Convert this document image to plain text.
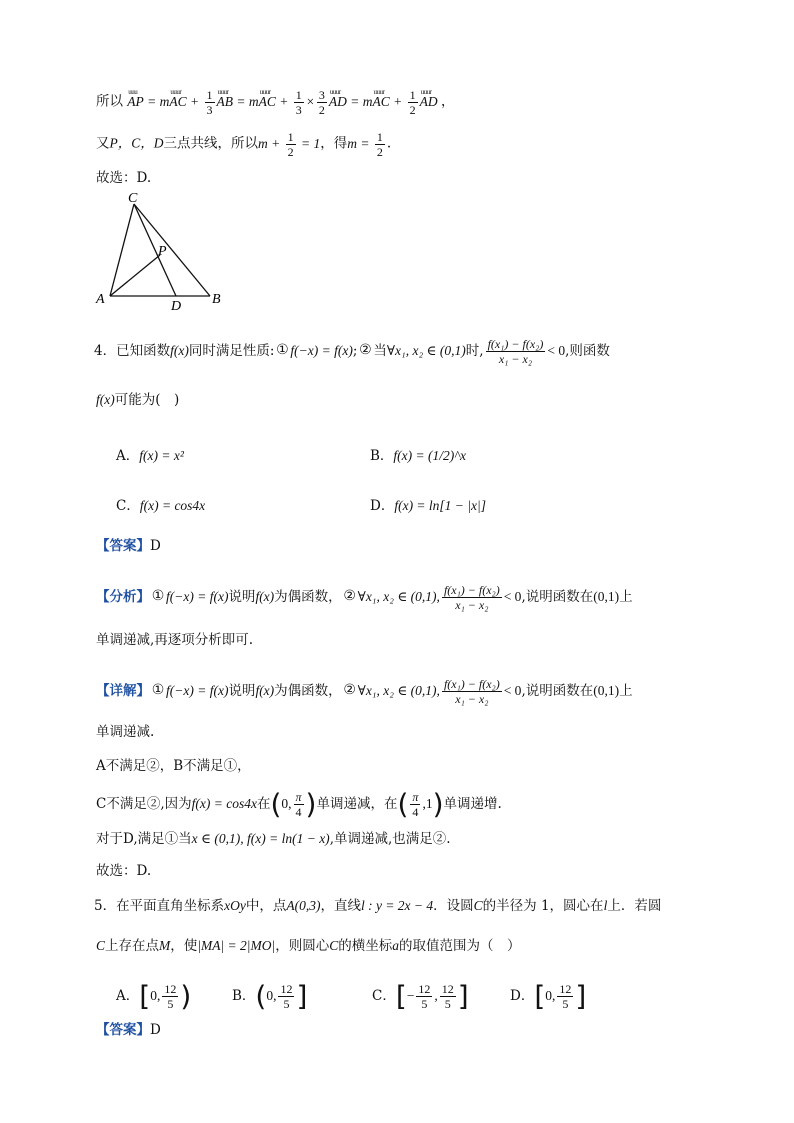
所以 uuu AP = muuur AC + $\frac{1}{3}$ uuur AB = muuur AC + $\frac{1}{3} \times \frac{3}{2}$ uuur AD = muuur AC + $\frac{1}{2}$ uuur AD ，
又P，C，D三点共线，所以$m + \frac{1}{2} = 1$，得$m = \frac{1}{2}$ .
故选：D.
C
P
A	D B
4．已知函数f(x)同时满足性质: ① f(−x) = f(x); ② 当∀x₁, x₂ ∈ (0,1)时, $\frac{\text{f(x₁) − f(x₂)}}{\text{x₁ − x₂}} < 0$,则函数
f(x)可能为(　)
A．f(x) = x²	B．f(x) = (1/2)^x
C．f(x) = cos4x	D．f(x) = ln[1 − |x|]
【答案】D
【分析】 ① f(−x) = f(x)说明f(x)为偶函数， ② ∀x₁, x₂ ∈ (0,1), $\frac{\text{f(x₁) − f(x₂)}}{\text{x₁ − x₂}} < 0$,说明函数在(0,1)上
单调递减,再逐项分析即可.
【详解】 ① f(−x) = f(x)说明f(x)为偶函数， ② ∀x₁, x₂ ∈ (0,1), $\frac{\text{f(x₁) − f(x₂)}}{\text{x₁ − x₂}} < 0$,说明函数在(0,1)上
单调递减.
A不满足②，B不满足①，
C不满足②,因为f(x) = cos4x在(0, $\frac{\pi}{4}$ )单调递减，在( $\frac{\pi}{4} ,1$)单调递增.
对于D,满足①当x ∈ (0,1), f(x) = ln(1 − x),单调递减,也满足②.
故选：D.
5．在平面直角坐标系xOy中，点A(0,3)，直线l : y = 2x − 4．设圆C的半径为 1，圆心在l上．若圆
C上存在点M，使|MA| = 2|MO|，则圆心C的横坐标a的取值范围为（　）
A．[0, $\frac{12}{5}$ )	B．(0, $\frac{12}{5}$ ]	C．[− $\frac{12}{5}$ , $\frac{12}{5}$ ]	D．[0, $\frac{12}{5}$ ]
【答案】D
